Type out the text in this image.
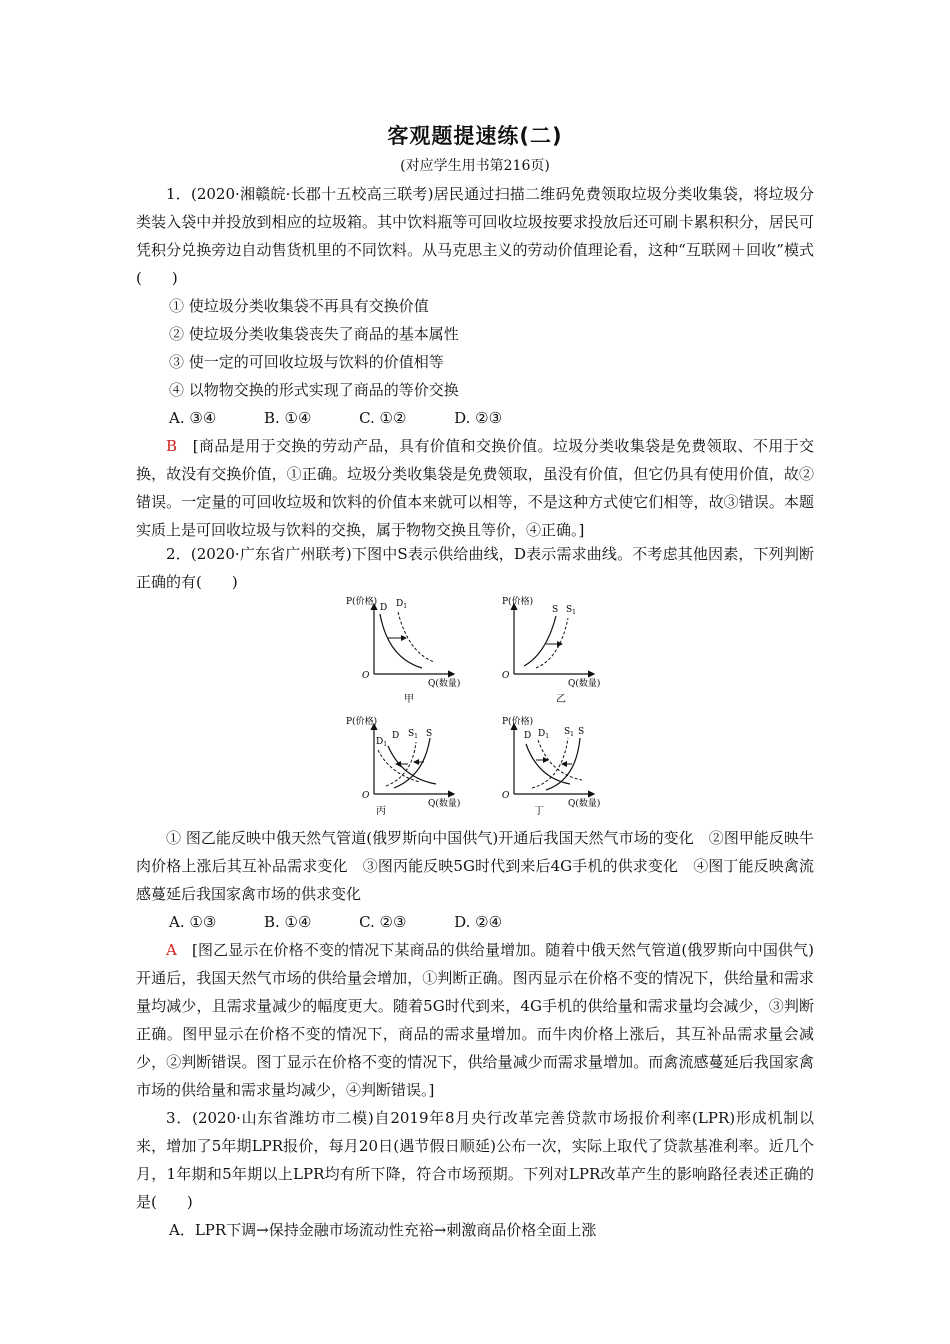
客观题提速练(二)
(对应学生用书第216页)

1．(2020·湘赣皖·长郡十五校高三联考)居民通过扫描二维码免费领取垃圾分类收集袋，将垃圾分类装入袋中并投放到相应的垃圾箱。其中饮料瓶等可回收垃圾按要求投放后还可刷卡累积积分，居民可凭积分兑换旁边自动售货机里的不同饮料。从马克思主义的劳动价值理论看，这种“互联网＋回收”模式(　　)

① 使垃圾分类收集袋不再具有交换价值

② 使垃圾分类收集袋丧失了商品的基本属性

③ 使一定的可回收垃圾与饮料的价值相等

④ 以物物交换的形式实现了商品的等价交换

A. ③④          B. ①④          C. ①②          D. ②③

B　[商品是用于交换的劳动产品，具有价值和交换价值。垃圾分类收集袋是免费领取、不用于交换，故没有交换价值，①正确。垃圾分类收集袋是免费领取，虽没有价值，但它仍具有使用价值，故②错误。一定量的可回收垃圾和饮料的价值本来就可以相等，不是这种方式使它们相等，故③错误。本题实质上是可回收垃圾与饮料的交换，属于物物交换且等价，④正确。]

2．(2020·广东省广州联考)下图中S表示供给曲线，D表示需求曲线。不考虑其他因素，下列判断正确的有(　　)

P(价格)
Q(数量)
O
D $D_1$
甲
P(价格)
Q(数量)
O
S $S_1$
乙
P(价格)
Q(数量)
O
$D_1$
D $S_1$ S
丙
P(价格)
Q(数量)
O
D $D_1$ $S_1$ S
丁

① 图乙能反映中俄天然气管道(俄罗斯向中国供气)开通后我国天然气市场的变化　②图甲能反映牛肉价格上涨后其互补品需求变化　③图丙能反映5G时代到来后4G手机的供求变化　④图丁能反映禽流感蔓延后我国家禽市场的供求变化

A. ①③          B. ①④          C. ②③          D. ②④

A　[图乙显示在价格不变的情况下某商品的供给量增加。随着中俄天然气管道(俄罗斯向中国供气)开通后，我国天然气市场的供给量会增加，①判断正确。图丙显示在价格不变的情况下，供给量和需求量均减少，且需求量减少的幅度更大。随着5G时代到来，4G手机的供给量和需求量均会减少，③判断正确。图甲显示在价格不变的情况下，商品的需求量增加。而牛肉价格上涨后，其互补品需求量会减少，②判断错误。图丁显示在价格不变的情况下，供给量减少而需求量增加。而禽流感蔓延后我国家禽市场的供给量和需求量均减少，④判断错误。]

3．(2020·山东省潍坊市二模)自2019年8月央行改革完善贷款市场报价利率(LPR)形成机制以来，增加了5年期LPR报价，每月20日(遇节假日顺延)公布一次，实际上取代了贷款基准利率。近几个月，1年期和5年期以上LPR均有所下降，符合市场预期。下列对LPR改革产生的影响路径表述正确的是(　　)

A．LPR下调→保持金融市场流动性充裕→刺激商品价格全面上涨
